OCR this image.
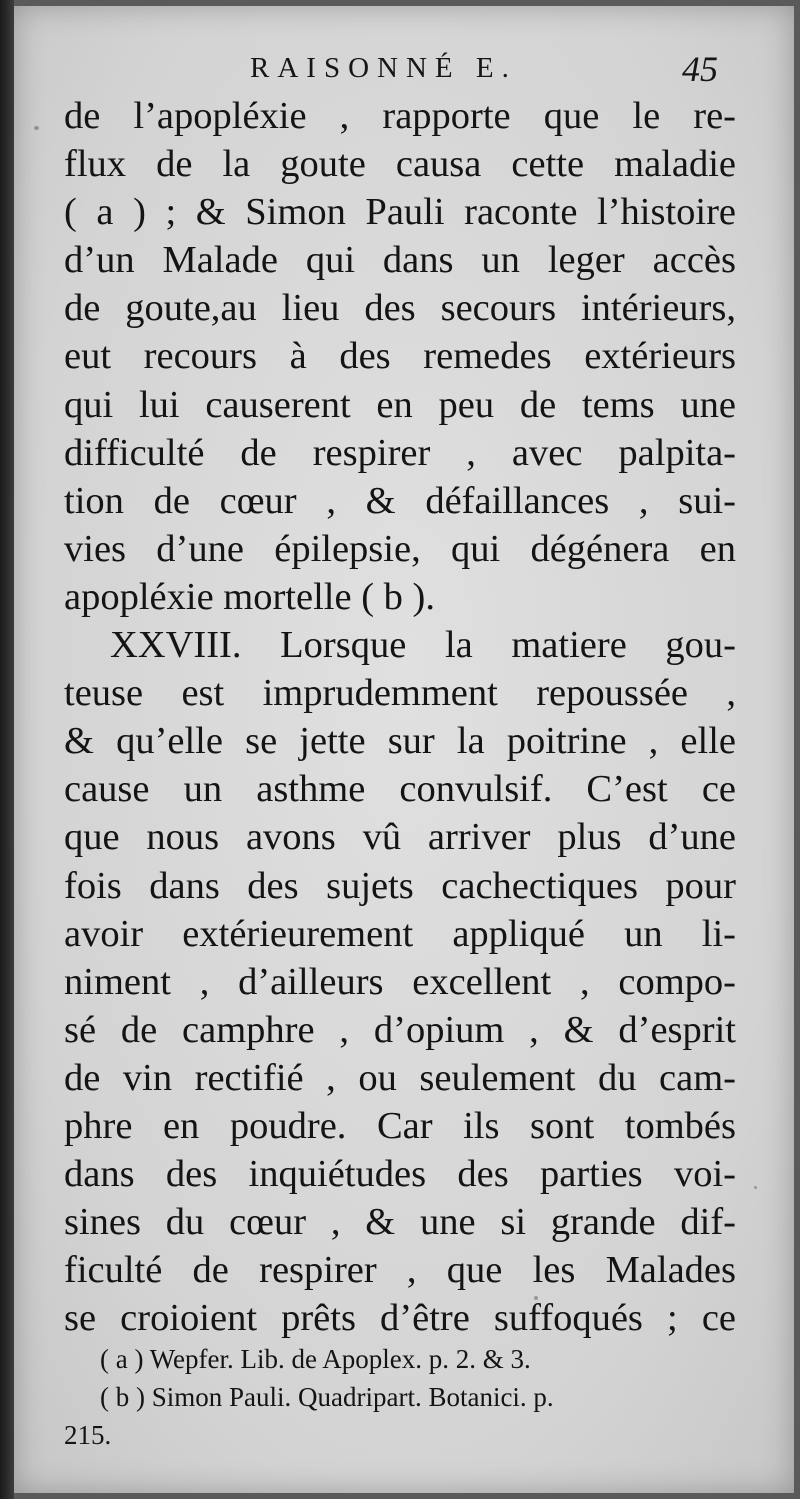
RAISONNÉ E.	45
de l’apopléxie , rapporte que le re-
flux de la goute causa cette maladie
( a ) ; & Simon Pauli raconte l’histoire
d’un Malade qui dans un leger accès
de goute,au lieu des secours intérieurs,
eut recours à des remedes extérieurs
qui lui causerent en peu de tems une
difficulté de respirer , avec palpita-
tion de cœur , & défaillances , sui-
vies d’une épilepsie, qui dégénera en
apopléxie mortelle ( b ).
XXVIII. Lorsque la matiere gou-
teuse est imprudemment repoussée ,
& qu’elle se jette sur la poitrine , elle
cause un asthme convulsif. C’est ce
que nous avons vû arriver plus d’une
fois dans des sujets cachectiques pour
avoir extérieurement appliqué un li-
niment , d’ailleurs excellent , compo-
sé de camphre , d’opium , & d’esprit
de vin rectifié , ou seulement du cam-
phre en poudre. Car ils sont tombés
dans des inquiétudes des parties voi-
sines du cœur , & une si grande dif-
ficulté de respirer , que les Malades
se croioient prêts d’être suffoqués ; ce
( a ) Wepfer. Lib. de Apoplex. p. 2. & 3.
( b ) Simon Pauli. Quadripart. Botanici. p.
215.
